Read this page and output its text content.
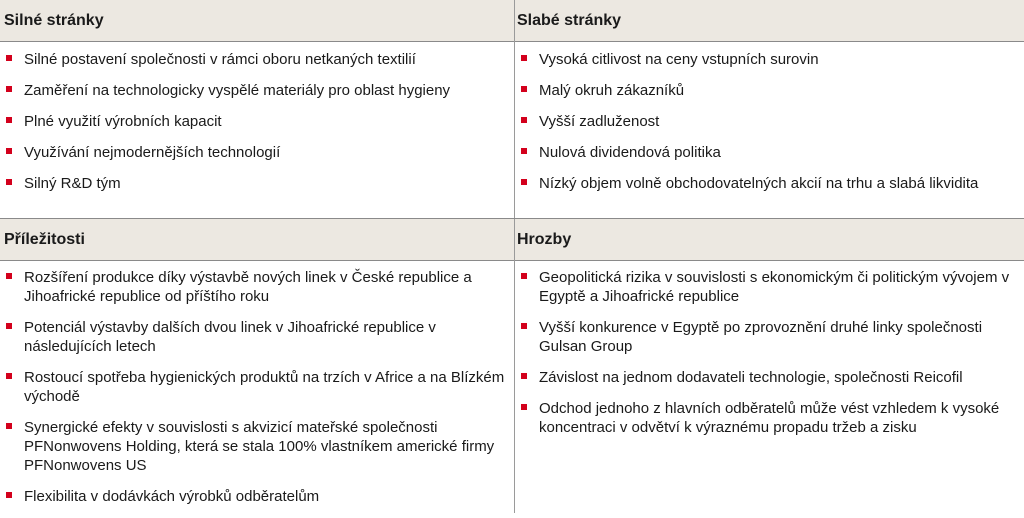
Silné stránky	Slabé stránky
Příležitosti	Hrozby
Silné postavení společnosti v rámci oboru netkaných textilií
Zaměření na technologicky vyspělé materiály pro oblast hygieny
Plné využití výrobních kapacit
Využívání nejmodernějších technologií
Silný R&D tým
Vysoká citlivost na ceny vstupních surovin
Malý okruh zákazníků
Vyšší zadluženost
Nulová dividendová politika
Nízký objem volně obchodovatelných akcií na trhu a slabá likvidita
Rozšíření produkce díky výstavbě nových linek v České republice a Jihoafrické republice od příštího roku
Potenciál výstavby dalších dvou linek v Jihoafrické republice v následujících letech
Rostoucí spotřeba hygienických produktů na trzích v Africe a na Blízkém východě
Synergické efekty v souvislosti s akvizicí mateřské společnosti PFNonwovens Holding, která se stala 100% vlastníkem americké firmy PFNonwovens US
Flexibilita v dodávkách výrobků odběratelům
Geopolitická rizika v souvislosti s ekonomickým či politickým vývojem v Egyptě a Jihoafrické republice
Vyšší konkurence v Egyptě po zprovoznění druhé linky společnosti Gulsan Group
Závislost na jednom dodavateli technologie, společnosti Reicofil
Odchod jednoho z hlavních odběratelů může vést vzhledem k vysoké koncentraci v odvětví k výraznému propadu tržeb a zisku
